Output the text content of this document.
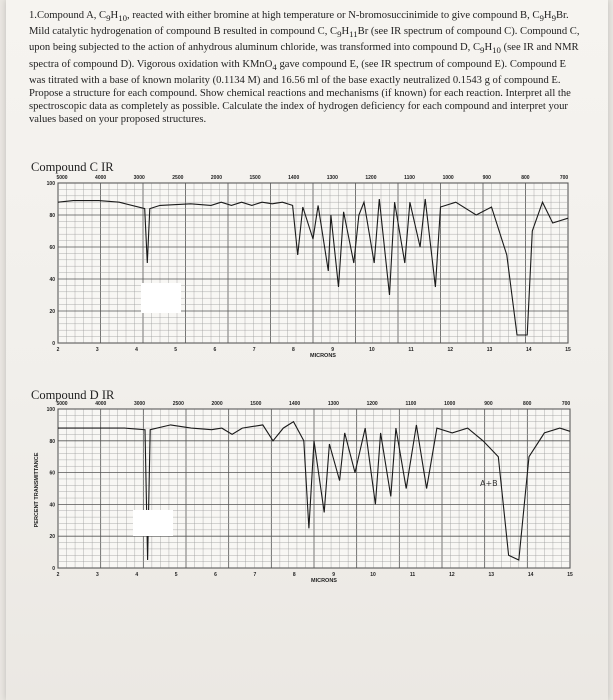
1.Compound A, $C_9H_{10}$, reacted with either bromine at high temperature or N-bromosuccinimide to give compound B, $C_9H_9Br$. Mild catalytic hydrogenation of compound B resulted in compound C, $C_9H_{11}Br$ (see IR spectrum of compound C). Compound C, upon being subjected to the action of anhydrous aluminum chloride, was transformed into compound D, $C_9H_{10}$ (see IR and NMR spectra of compound D). Vigorous oxidation with KMnO$_4$ gave compound E, (see IR spectrum of compound E). Compound E was titrated with a base of known molarity (0.1134 M) and 16.56 ml of the base exactly neutralized 0.1543 g of compound E. Propose a structure for each compound. Show chemical reactions and mechanisms (if known) for each reaction. Interpret all the spectroscopic data as completely as possible. Calculate the index of hydrogen deficiency for each compound and interpret your values based on your proposed structures.

Compound C IR

Compound D IR

5000	4000	3000	2500	2000	1500	1400	1300	1200	1100	1000	900	800	700
100
80
60
40
20
0
2	3	4	5	6	7	8	9	10	11	12	13	14	15
MICRONS
5000	4000	3000	2500	2000	1500	1400	1300	1200	1100	1000	900	800	700
100
80
60
40
20
0
2	3	4	5	6	7	8	9	10	11	12	13	14	15
MICRONS
PERCENT TRANSMITTANCE	A+B
